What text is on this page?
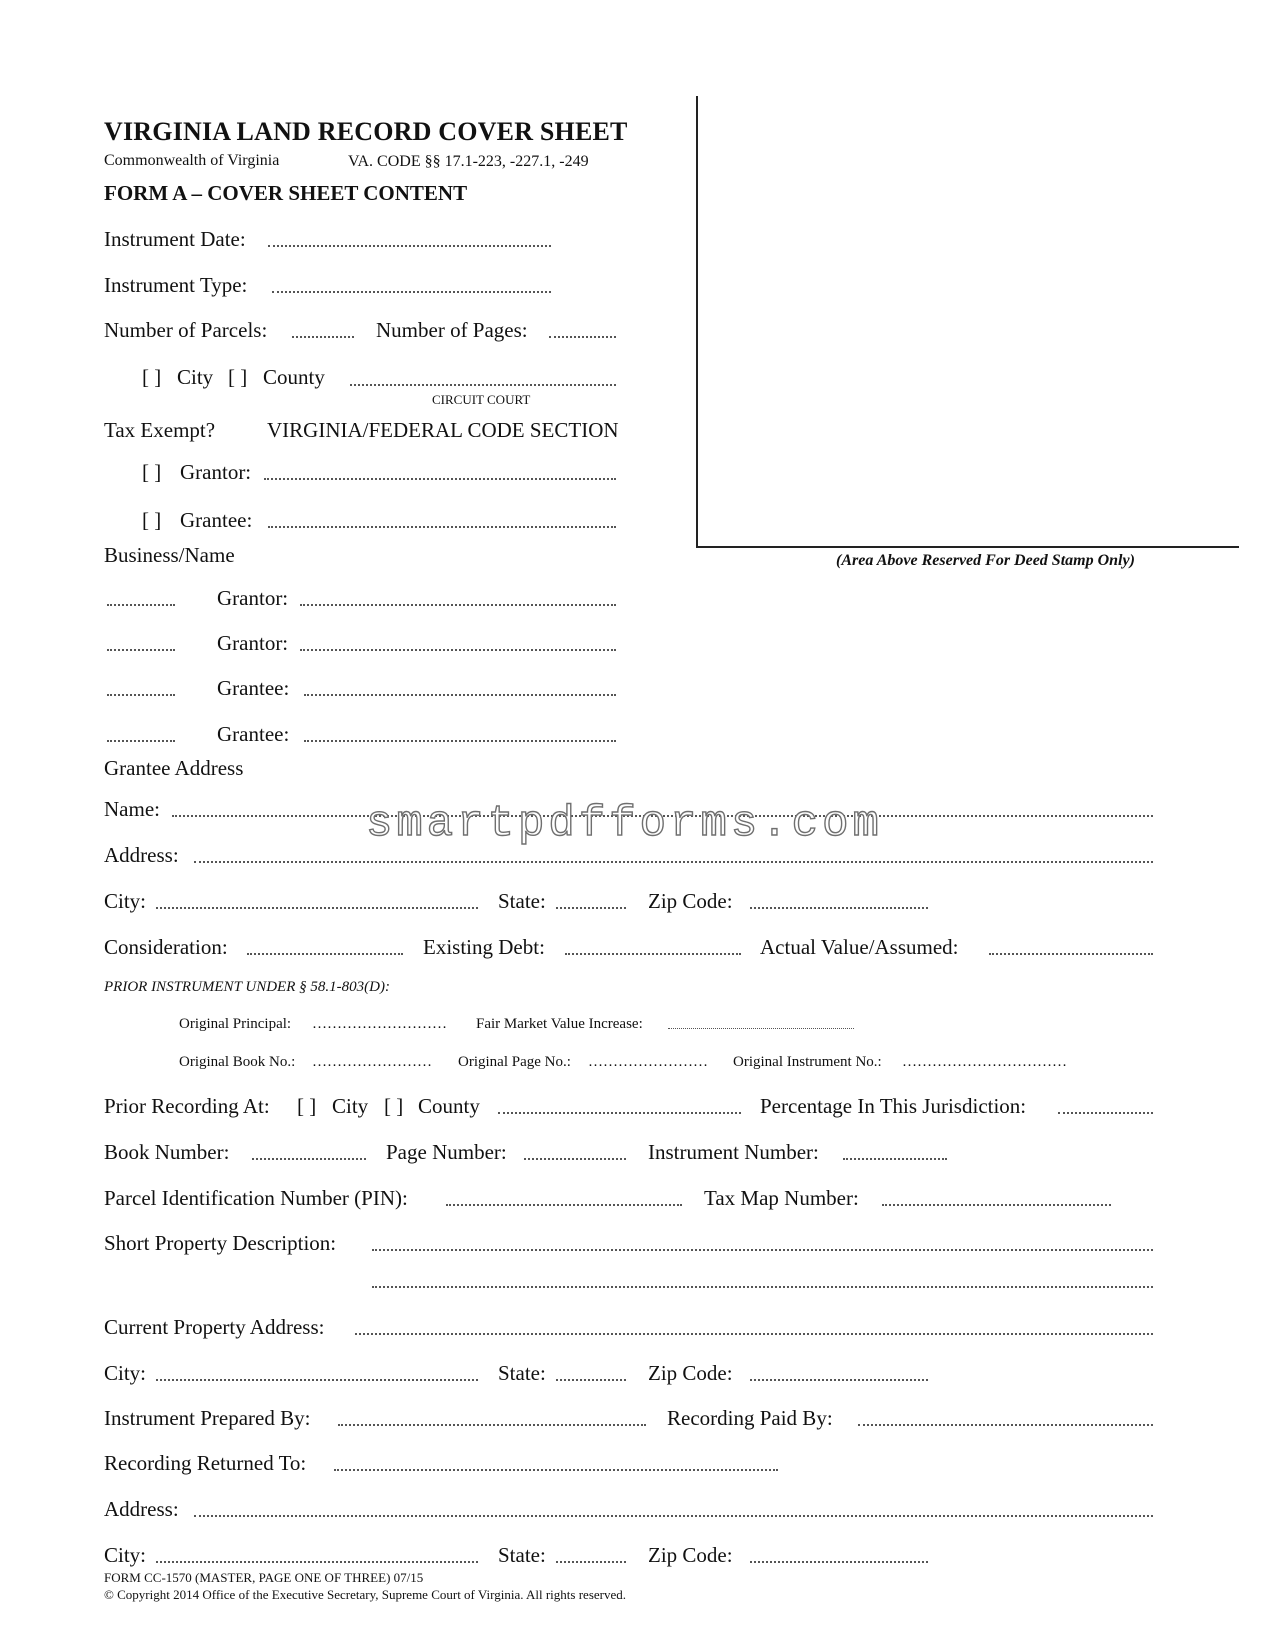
VIRGINIA LAND RECORD COVER SHEET
Commonwealth of Virginia	VA. CODE §§ 17.1-223, -227.1, -249
FORM A – COVER SHEET CONTENT
(Area Above Reserved For Deed Stamp Only)
Instrument Date:
Instrument Type:
Number of Parcels:	Number of Pages:
[ ] City [ ] County
CIRCUIT COURT
Tax Exempt? VIRGINIA/FEDERAL CODE SECTION
[ ] Grantor:
[ ] Grantee:
Business/Name
Grantor:
Grantor:
Grantee:
Grantee:
Grantee Address
Name:
Address:
City:	State:	Zip Code:
Consideration:	Existing Debt:	Actual Value/Assumed:
PRIOR INSTRUMENT UNDER § 58.1-803(D):
Original Principal: ……………………… Fair Market Value Increase:
Original Book No.: …………………… Original Page No.: …………………… Original Instrument No.: ……………………………
Prior Recording At: [ ] City [ ] County	Percentage In This Jurisdiction:
Book Number:	Page Number:	Instrument Number:
Parcel Identification Number (PIN):	Tax Map Number:
Short Property Description:
Current Property Address:
City:	State:	Zip Code:
Instrument Prepared By:	Recording Paid By:
Recording Returned To:
Address:
City:	State:	Zip Code:
FORM CC-1570 (MASTER, PAGE ONE OF THREE) 07/15
© Copyright 2014 Office of the Executive Secretary, Supreme Court of Virginia. All rights reserved.
smartpdfforms.com
